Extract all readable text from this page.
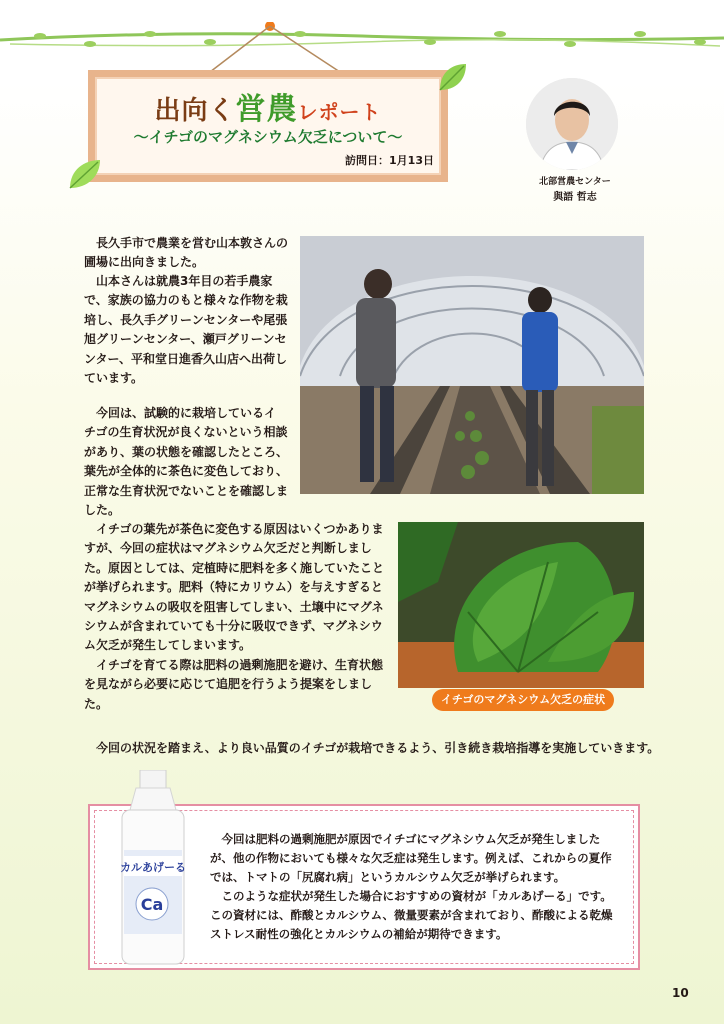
出向く営農レポート
〜イチゴのマグネシウム欠乏について〜
訪問日：1月13日
北部営農センター
與語 哲志
長久手市で農業を営む山本敦さんの圃場に出向きました。
山本さんは就農3年目の若手農家で、家族の協力のもと様々な作物を栽培し、長久手グリーンセンターや尾張旭グリーンセンター、瀬戸グリーンセンター、平和堂日進香久山店へ出荷しています。
今回は、試験的に栽培しているイチゴの生育状況が良くないという相談があり、葉の状態を確認したところ、葉先が全体的に茶色に変色しており、正常な生育状況でないことを確認しました。
イチゴの葉先が茶色に変色する原因はいくつかありますが、今回の症状はマグネシウム欠乏だと判断しました。原因としては、定植時に肥料を多く施していたことが挙げられます。肥料（特にカリウム）を与えすぎるとマグネシウムの吸収を阻害してしまい、土壌中にマグネシウムが含まれていても十分に吸収できず、マグネシウム欠乏が発生してしまいます。
イチゴを育てる際は肥料の過剰施肥を避け、生育状態を見ながら必要に応じて追肥を行うよう提案をしました。	イチゴのマグネシウム欠乏の症状
今回の状況を踏まえ、より良い品質のイチゴが栽培できるよう、引き続き栽培指導を実施していきます。
カルあげーる
Ca

今回は肥料の過剰施肥が原因でイチゴにマグネシウム欠乏が発生しましたが、他の作物においても様々な欠乏症は発生します。例えば、これからの夏作では、トマトの「尻腐れ病」というカルシウム欠乏が挙げられます。

このような症状が発生した場合におすすめの資材が「カルあげーる」です。この資材には、酢酸とカルシウム、微量要素が含まれており、酢酸による乾燥ストレス耐性の強化とカルシウムの補給が期待できます。

10
